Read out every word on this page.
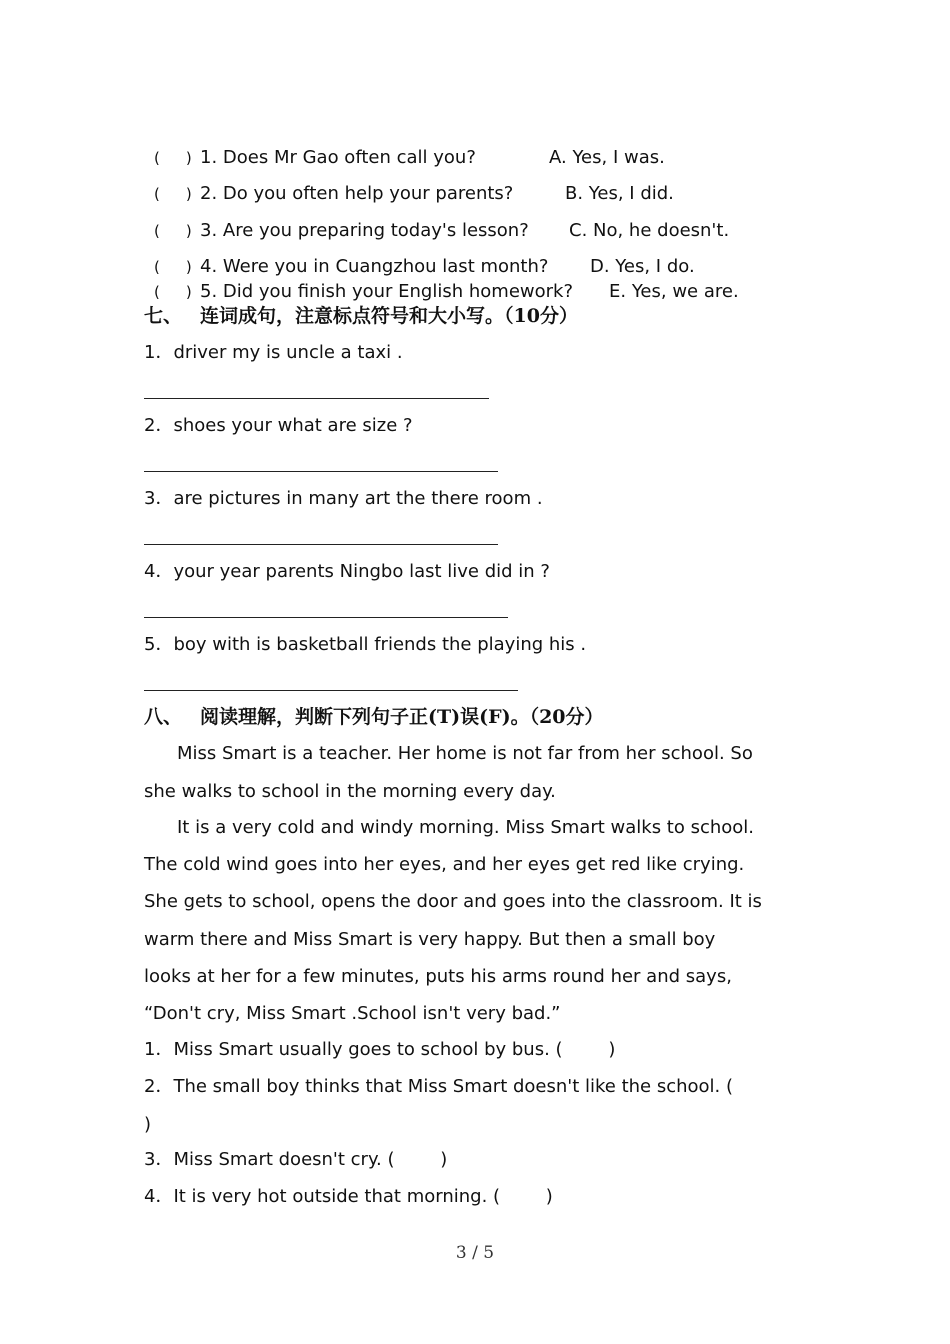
( ) 1. Does Mr Gao often call you?	A. Yes, I was.
( ) 2. Do you often help your parents?	B. Yes, I did.
( ) 3. Are you preparing today's lesson? C. No, he doesn't.
( ) 4. Were you in Cuangzhou last month? D. Yes, I do.
( ) 5. Did you finish your English homework? E. Yes, we are.
七、 连词成句，注意标点符号和大小写。（10分）
1．driver my is uncle a taxi .
2．shoes your what are size ?
3．are pictures in many art the there room .
4．your year parents Ningbo last live did in ?
5．boy with is basketball friends the playing his .
八、 阅读理解，判断下列句子正(T)误(F)。（20分）
Miss Smart is a teacher. Her home is not far from her school. So
she walks to school in the morning every day.
It is a very cold and windy morning. Miss Smart walks to school.
The cold wind goes into her eyes, and her eyes get red like crying.
She gets to school, opens the door and goes into the classroom. It is
warm there and Miss Smart is very happy. But then a small boy
looks at her for a few minutes, puts his arms round her and says,
“Don't cry, Miss Smart .School isn't very bad.”
1．Miss Smart usually goes to school by bus. (        )
2．The small boy thinks that Miss Smart doesn't like the school. (
)
3．Miss Smart doesn't cry. (        )
4．It is very hot outside that morning. (        )
3 / 5
